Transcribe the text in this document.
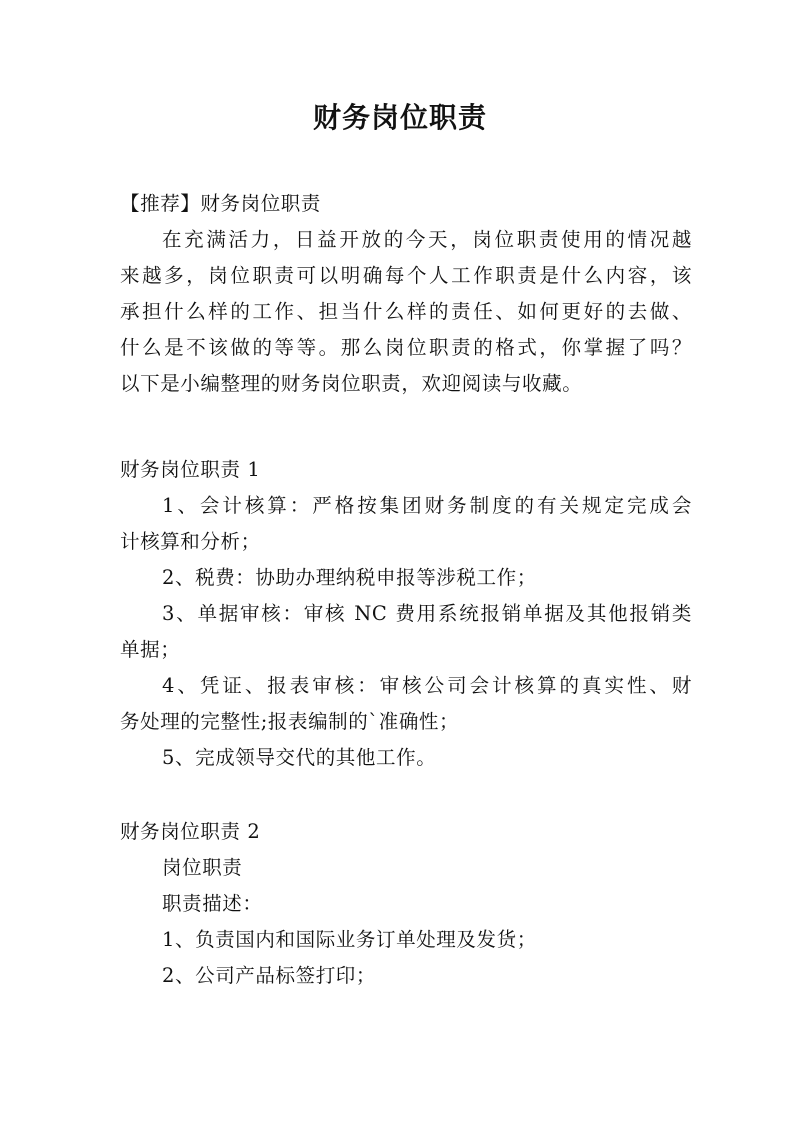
财务岗位职责
【推荐】财务岗位职责
在充满活力，日益开放的今天，岗位职责使用的情况越
来越多，岗位职责可以明确每个人工作职责是什么内容，该
承担什么样的工作、担当什么样的责任、如何更好的去做、
什么是不该做的等等。那么岗位职责的格式，你掌握了吗？
以下是小编整理的财务岗位职责，欢迎阅读与收藏。
财务岗位职责 1
1、会计核算：严格按集团财务制度的有关规定完成会
计核算和分析；
2、税费：协助办理纳税申报等涉税工作；
3、单据审核：审核 NC 费用系统报销单据及其他报销类
单据；
4、凭证、报表审核：审核公司会计核算的真实性、财
务处理的完整性;报表编制的`准确性；
5、完成领导交代的其他工作。
财务岗位职责 2
岗位职责
职责描述：
1、负责国内和国际业务订单处理及发货；
2、公司产品标签打印；
